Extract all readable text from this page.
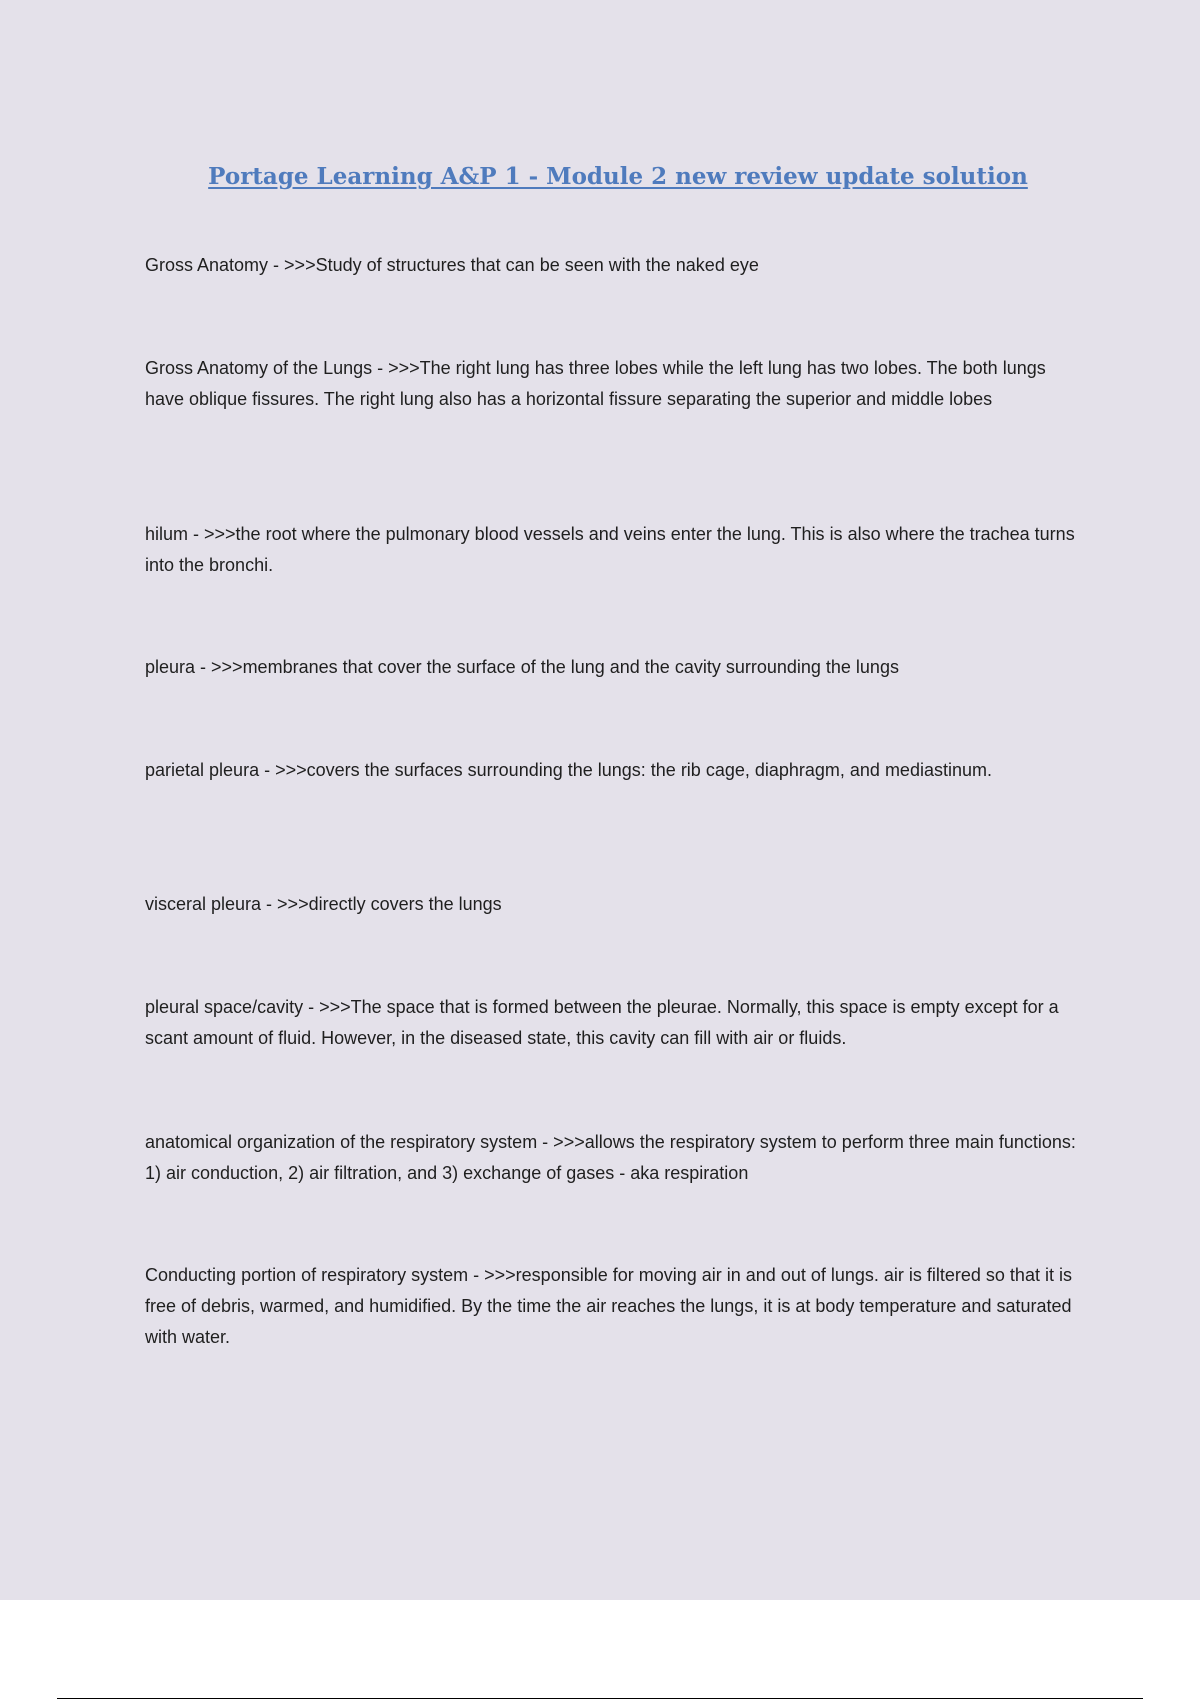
Portage Learning A&P 1 - Module 2 new review update solution

Gross Anatomy - >>>Study of structures that can be seen with the naked eye

Gross Anatomy of the Lungs - >>>The right lung has three lobes while the left lung has two lobes. The both lungs have oblique fissures. The right lung also has a horizontal fissure separating the superior and middle lobes

hilum - >>>the root where the pulmonary blood vessels and veins enter the lung. This is also where the trachea turns into the bronchi.

pleura - >>>membranes that cover the surface of the lung and the cavity surrounding the lungs

parietal pleura - >>>covers the surfaces surrounding the lungs: the rib cage, diaphragm, and mediastinum.

visceral pleura - >>>directly covers the lungs

pleural space/cavity - >>>The space that is formed between the pleurae. Normally, this space is empty except for a scant amount of fluid. However, in the diseased state, this cavity can fill with air or fluids.

anatomical organization of the respiratory system - >>>allows the respiratory system to perform three main functions: 1) air conduction, 2) air filtration, and 3) exchange of gases - aka respiration

Conducting portion of respiratory system - >>>responsible for moving air in and out of lungs. air is filtered so that it is free of debris, warmed, and humidified. By the time the air reaches the lungs, it is at body temperature and saturated with water.
